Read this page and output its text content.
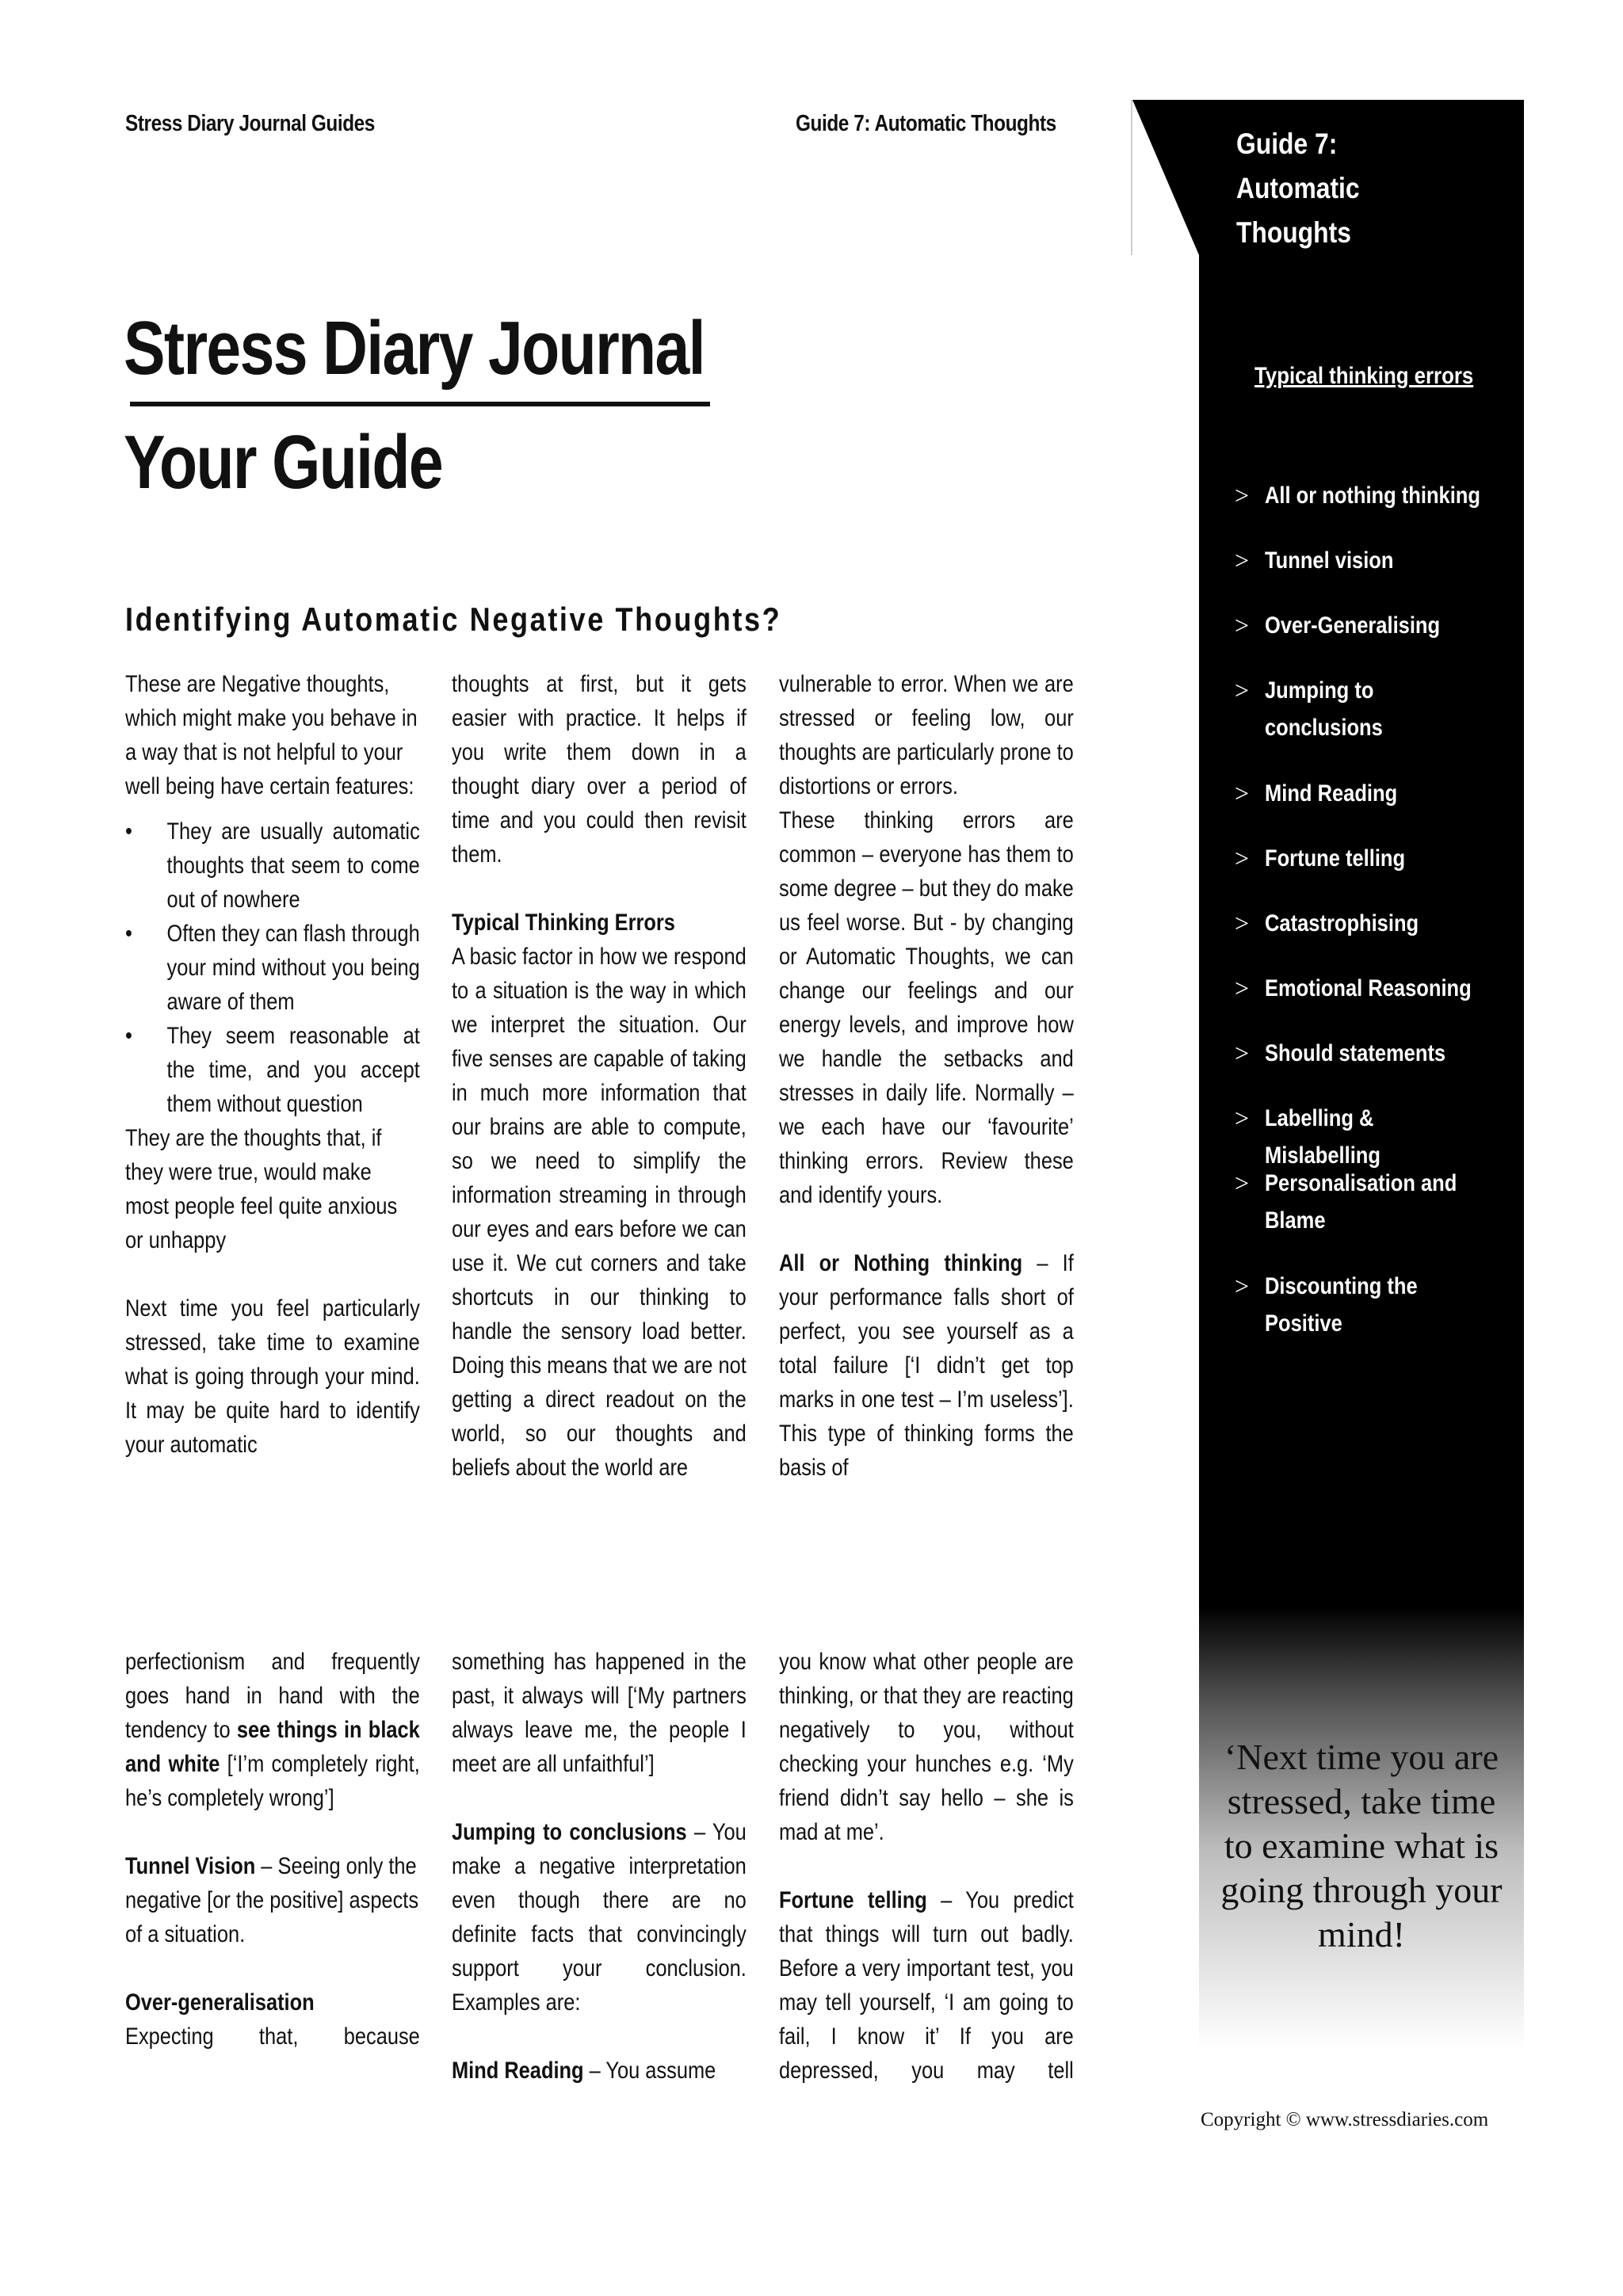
Stress Diary Journal Guides	Guide 7: Automatic Thoughts
Guide 7: Automatic Thoughts
Typical thinking errors
> All or nothing thinking
> Tunnel vision
> Over-Generalising
> Jumping to conclusions
> Mind Reading
> Fortune telling
> Catastrophising
> Emotional Reasoning
> Should statements
> Labelling & Mislabelling
> Personalisation and Blame
> Discounting the Positive
‘Next time you are stressed, take time to examine what is going through your mind!
Copyright © www.stressdiaries.com
Stress Diary Journal
Your Guide
Identifying Automatic Negative Thoughts?

These are Negative thoughts, which might make you behave in a way that is not helpful to your well being have certain features:

•	They are usually automatic thoughts that seem to come out of nowhere
•	Often they can flash through your mind without you being aware of them
•	They seem reasonable at the time, and you accept them without question

They are the thoughts that, if they were true, would make most people feel quite anxious or unhappy

Next time you feel particularly stressed, take time to examine what is going through your mind. It may be quite hard to identify your automatic

thoughts at first, but it gets easier with practice. It helps if you write them down in a thought diary over a period of time and you could then revisit them.

Typical Thinking Errors

A basic factor in how we respond to a situation is the way in which we interpret the situation. Our five senses are capable of taking in much more information that our brains are able to compute, so we need to simplify the information streaming in through our eyes and ears before we can use it. We cut corners and take shortcuts in our thinking to handle the sensory load better. Doing this means that we are not getting a direct readout on the world, so our thoughts and beliefs about the world are

vulnerable to error. When we are stressed or feeling low, our thoughts are particularly prone to distortions or errors.

These thinking errors are common – everyone has them to some degree – but they do make us feel worse. But - by changing or Automatic Thoughts, we can change our feelings and our energy levels, and improve how we handle the setbacks and stresses in daily life. Normally – we each have our ‘favourite’ thinking errors. Review these and identify yours.

All or Nothing thinking – If your performance falls short of perfect, you see yourself as a total failure [‘I didn’t get top marks in one test – I’m useless’]. This type of thinking forms the basis of

perfectionism and frequently goes hand in hand with the tendency to see things in black and white [‘I’m completely right, he’s completely wrong’]

Tunnel Vision – Seeing only the negative [or the positive] aspects of a situation.

Over-generalisation

Expecting that, because

something has happened in the past, it always will [‘My partners always leave me, the people I meet are all unfaithful’]

Jumping to conclusions – You make a negative interpretation even though there are no definite facts that convincingly support your conclusion. Examples are:

Mind Reading – You assume

you know what other people are thinking, or that they are reacting negatively to you, without checking your hunches e.g. ‘My friend didn’t say hello – she is mad at me’.

Fortune telling – You predict that things will turn out badly. Before a very important test, you may tell yourself, ‘I am going to fail, I know it’ If you are depressed, you may tell
